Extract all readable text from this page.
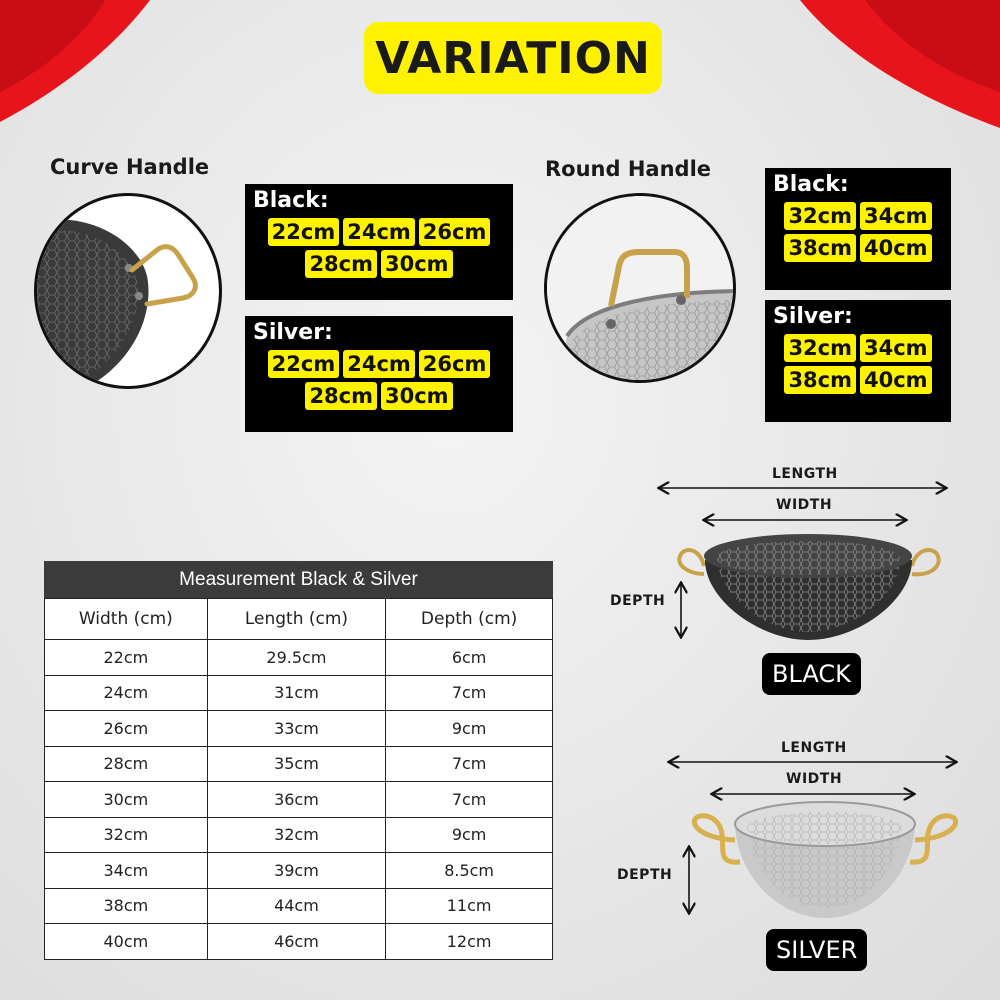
VARIATION
Curve Handle
Black:
22cm 24cm 26cm
28cm 30cm
Silver:
22cm 24cm 26cm
28cm 30cm
Round Handle
Black:
32cm 34cm
38cm 40cm
Silver:
32cm 34cm
38cm 40cm
Measurement Black & Silver
Width (cm)	Length (cm)	Depth (cm)
22cm	29.5cm	6cm
24cm	31cm	7cm
26cm	33cm	9cm
28cm	35cm	7cm
30cm	36cm	7cm
32cm	32cm	9cm
34cm	39cm	8.5cm
38cm	44cm	11cm
40cm	46cm	12cm
LENGTH
WIDTH
DEPTH
BLACK
LENGTH
WIDTH
DEPTH
SILVER
